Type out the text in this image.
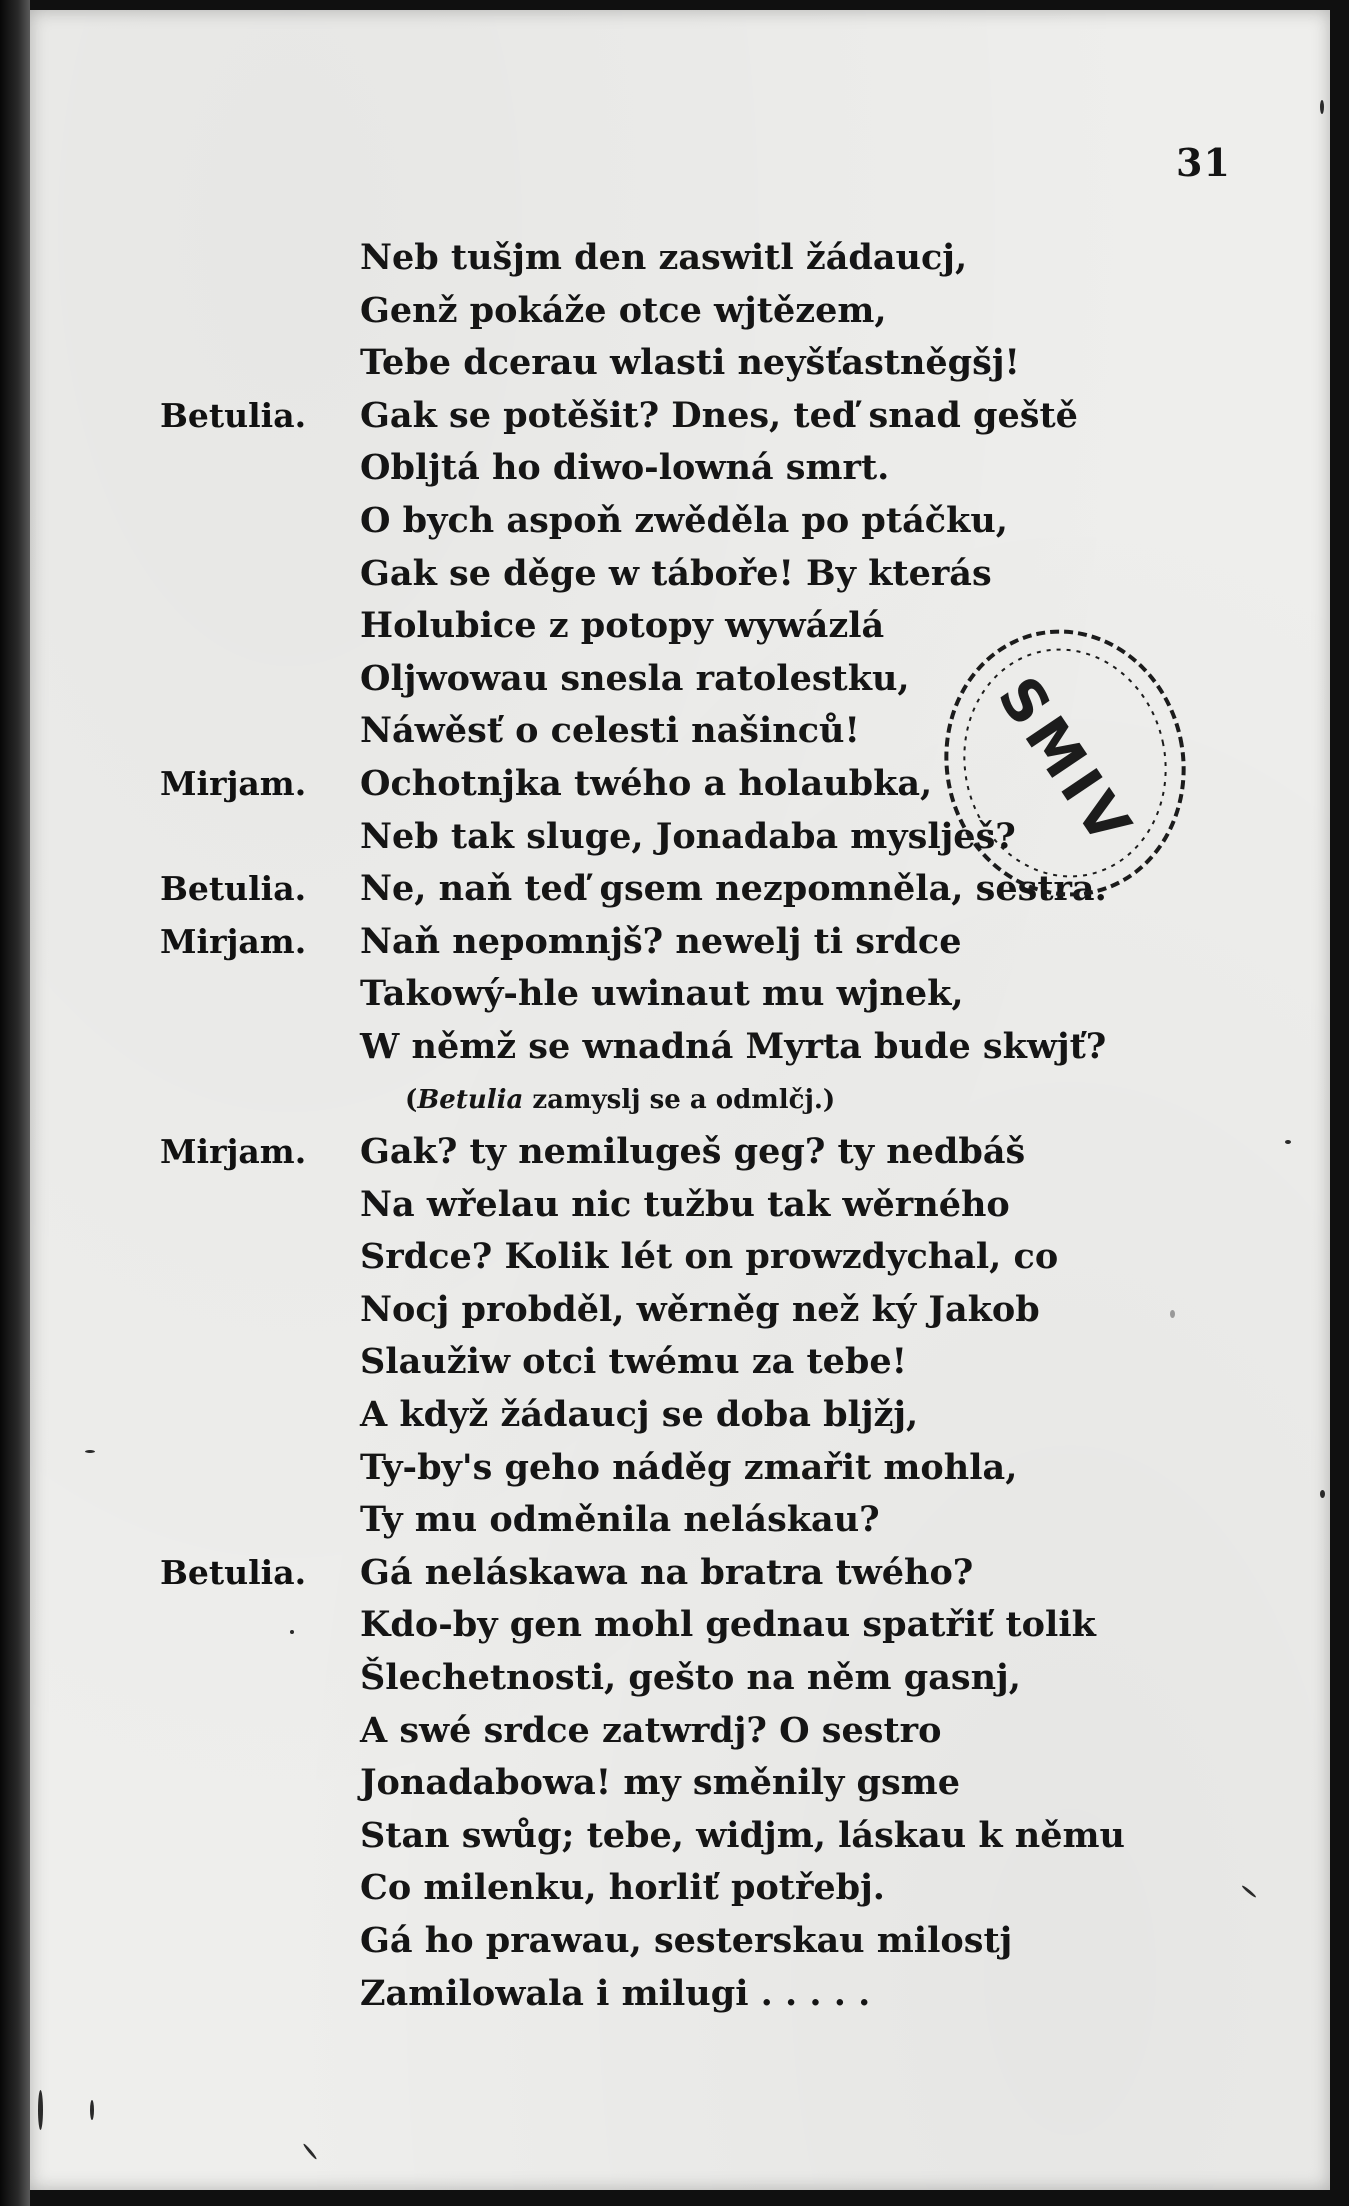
31
Neb tušjm den zaswitl žádaucj,
Genž pokáže otce wjtězem,
Tebe dcerau wlasti neyšťastněgšj!
Betulia. Gak se potěšit? Dnes, teď snad geště
Obljtá ho diwo-lowná smrt.
O bych aspoň zwěděla po ptáčku,
Gak se děge w táboře! By kterás
Holubice z potopy wywázlá
Oljwowau snesla ratolestku,
Náwěsť o celesti našinců!
Mirjam. Ochotnjka twého a holaubka,
Neb tak sluge, Jonadaba myslješ?
Betulia. Ne, naň teď gsem nezpomněla, sestra.
Mirjam. Naň nepomnjš? newelj ti srdce
Takowý-hle uwinaut mu wjnek,
W němž se wnadná Myrta bude skwjť?
(Betulia zamyslj se a odmlčj.)
Mirjam. Gak? ty nemilugeš geg? ty nedbáš
Na wřelau nic tužbu tak wěrného
Srdce? Kolik lét on prowzdychal, co
Nocj probděl, wěrněg než ký Jakob
Slaužiw otci twému za tebe!
A když žádaucj se doba bljžj,
Ty-by's geho náděg zmařit mohla,
Ty mu odměnila neláskau?
Betulia. Gá neláskawa na bratra twého?
Kdo-by gen mohl gednau spatřiť tolik
Šlechetnosti, gešto na něm gasnj,
A swé srdce zatwrdj? O sestro
Jonadabowa! my směnily gsme
Stan swůg; tebe, widjm, láskau k němu
Co milenku, horliť potřebj.
Gá ho prawau, sesterskau milostj
Zamilowala i milugi . . . . .
SMIV
